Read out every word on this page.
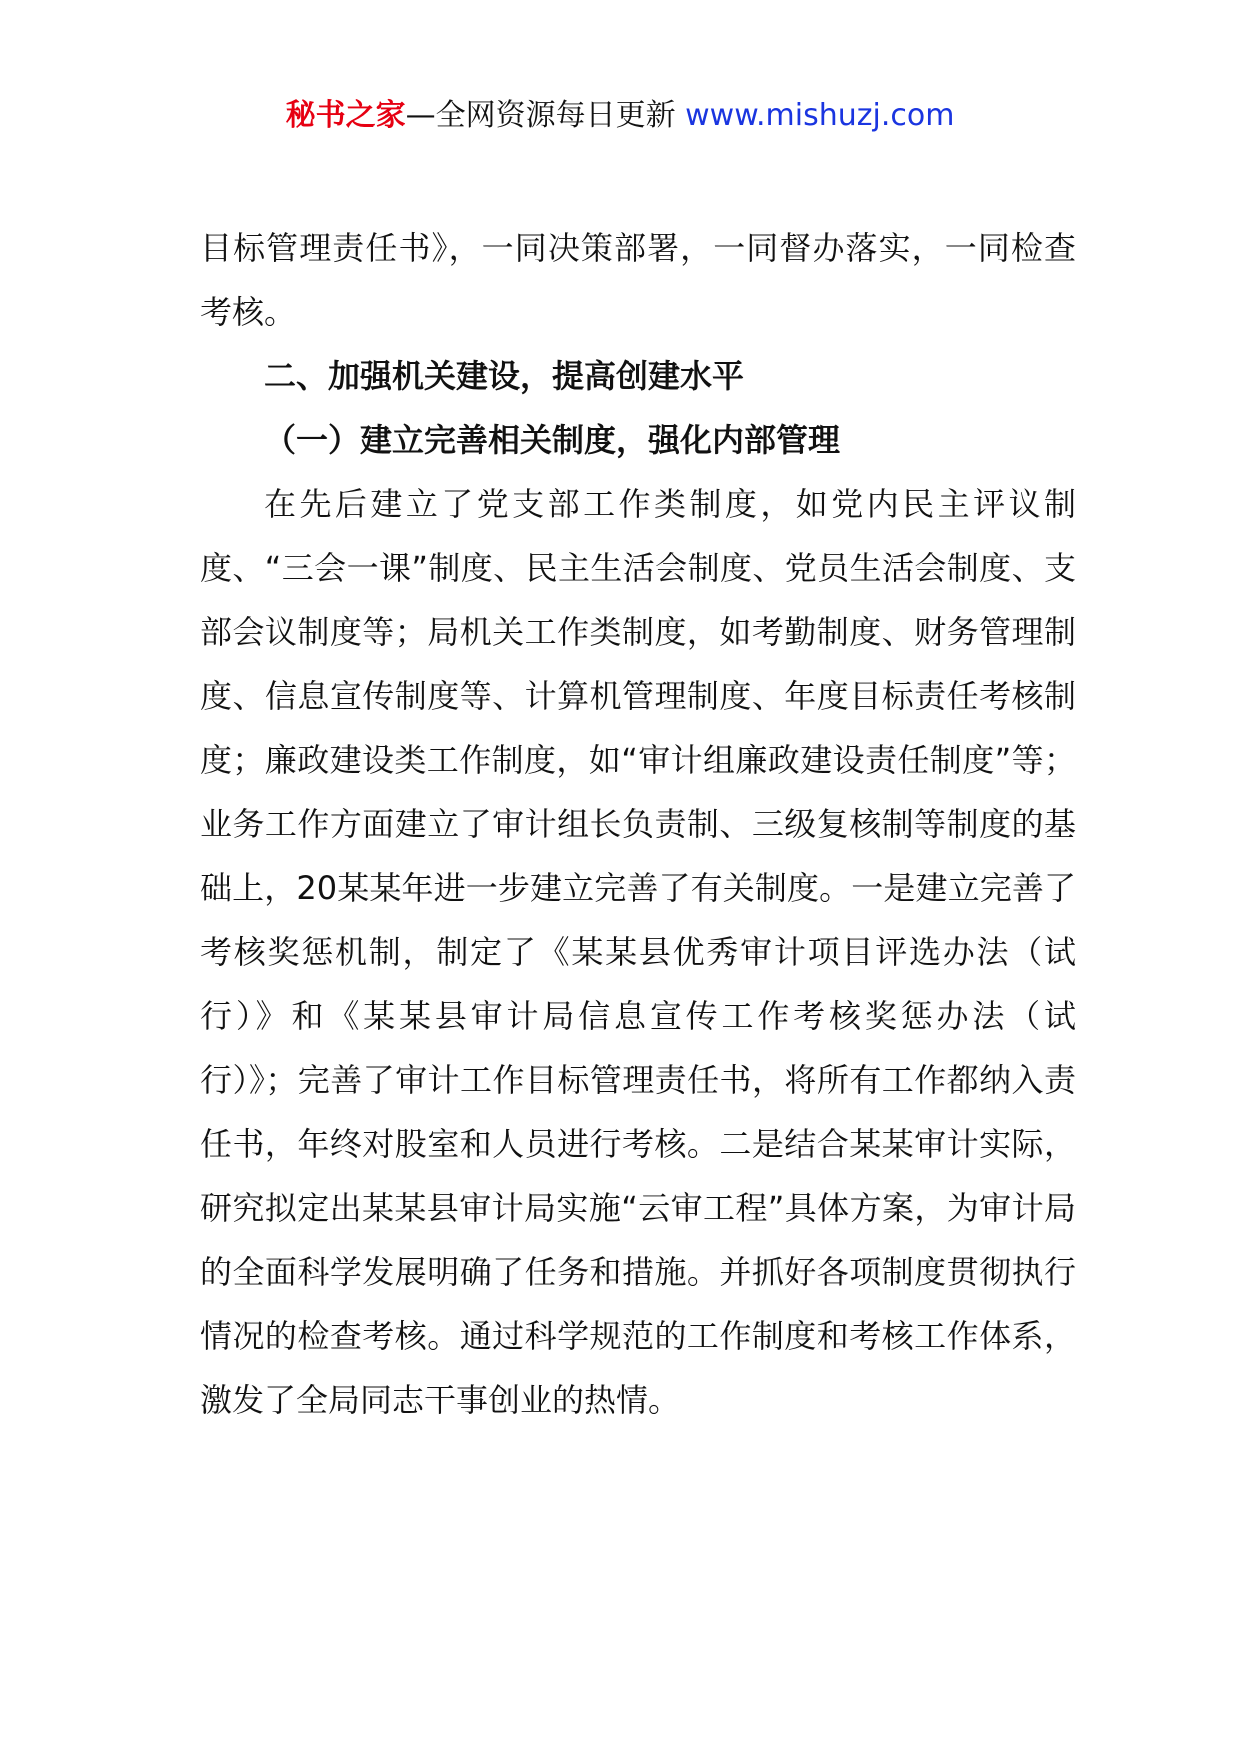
秘书之家—全网资源每日更新 www.mishuzj.com

目标管理责任书》，一同决策部署，一同督办落实，一同检查考核。

二、加强机关建设，提高创建水平

（一）建立完善相关制度，强化内部管理

在先后建立了党支部工作类制度，如党内民主评议制度、“三会一课”制度、民主生活会制度、党员生活会制度、支部会议制度等；局机关工作类制度，如考勤制度、财务管理制度、信息宣传制度等、计算机管理制度、年度目标责任考核制度；廉政建设类工作制度，如“审计组廉政建设责任制度”等；业务工作方面建立了审计组长负责制、三级复核制等制度的基础上，20某某年进一步建立完善了有关制度。一是建立完善了考核奖惩机制，制定了《某某县优秀审计项目评选办法（试行）》和《某某县审计局信息宣传工作考核奖惩办法（试行）》；完善了审计工作目标管理责任书，将所有工作都纳入责任书，年终对股室和人员进行考核。二是结合某某审计实际，研究拟定出某某县审计局实施“云审工程”具体方案，为审计局的全面科学发展明确了任务和措施。并抓好各项制度贯彻执行情况的检查考核。通过科学规范的工作制度和考核工作体系，激发了全局同志干事创业的热情。
